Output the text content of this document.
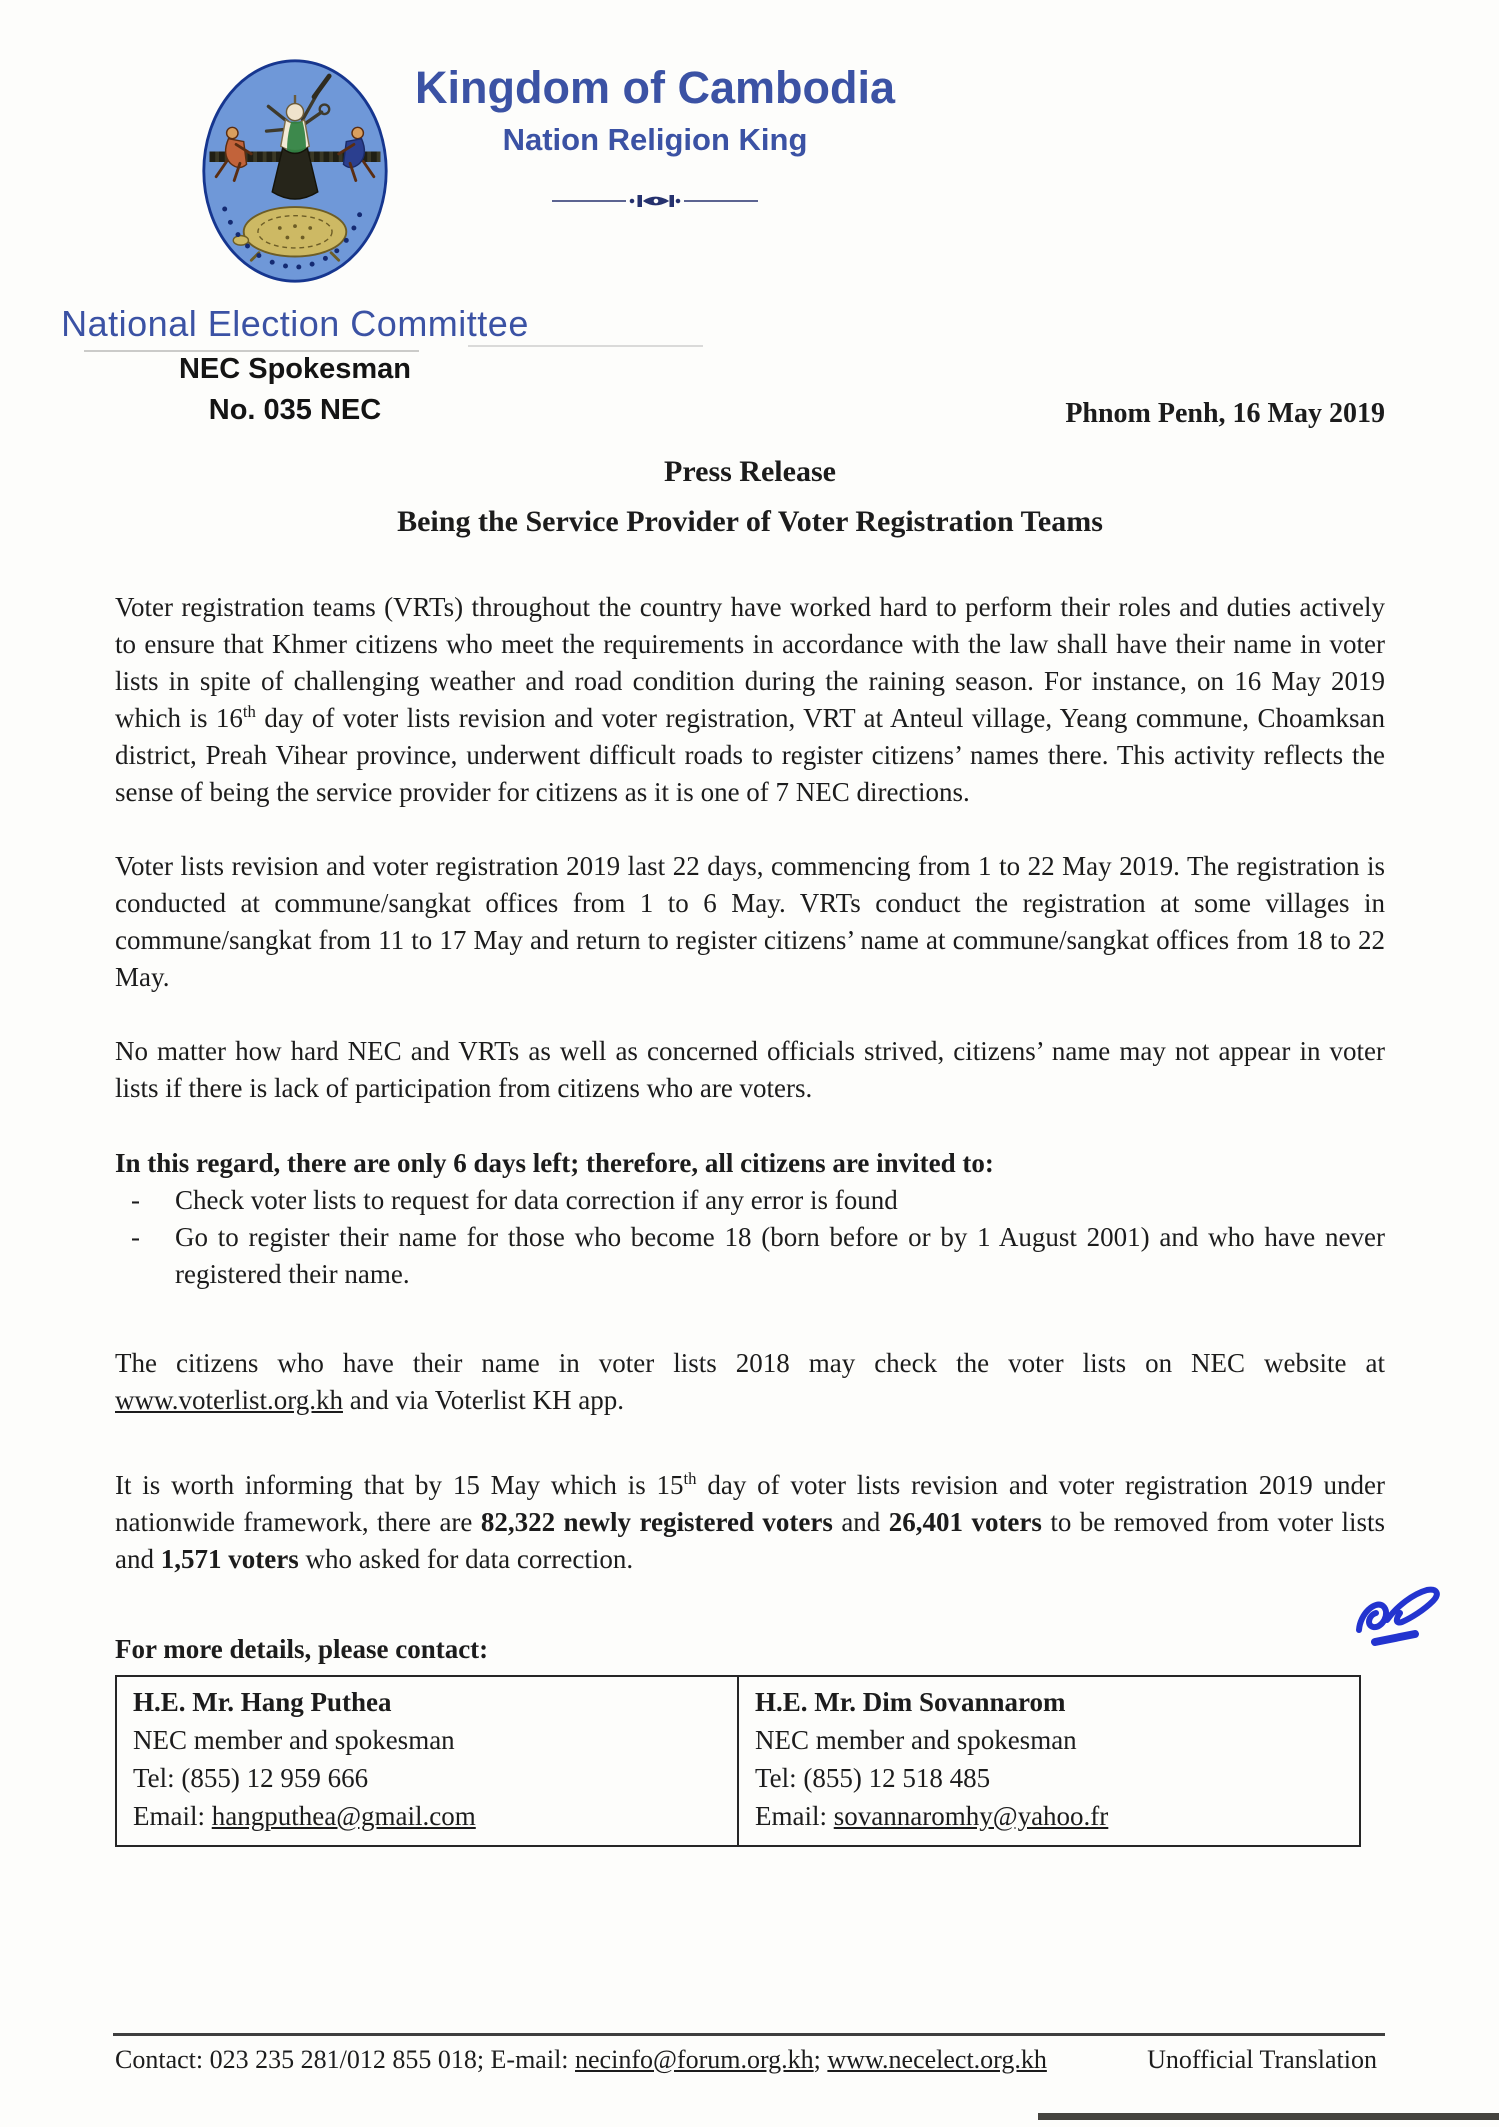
National Election Committee
NEC Spokesman
No. 035 NEC
Kingdom of Cambodia
Nation Religion King
Phnom Penh, 16 May 2019

Press Release

Being the Service Provider of Voter Registration Teams

Voter registration teams (VRTs) throughout the country have worked hard to perform their roles and duties actively to ensure that Khmer citizens who meet the requirements in accordance with the law shall have their name in voter lists in spite of challenging weather and road condition during the raining season. For instance, on 16 May 2019 which is 16th day of voter lists revision and voter registration, VRT at Anteul village, Yeang commune, Choamksan district, Preah Vihear province, underwent difficult roads to register citizens’ names there. This activity reflects the sense of being the service provider for citizens as it is one of 7 NEC directions.

Voter lists revision and voter registration 2019 last 22 days, commencing from 1 to 22 May 2019. The registration is conducted at commune/sangkat offices from 1 to 6 May. VRTs conduct the registration at some villages in commune/sangkat from 11 to 17 May and return to register citizens’ name at commune/sangkat offices from 18 to 22 May.

No matter how hard NEC and VRTs as well as concerned officials strived, citizens’ name may not appear in voter lists if there is lack of participation from citizens who are voters.

In this regard, there are only 6 days left; therefore, all citizens are invited to:
-	Check voter lists to request for data correction if any error is found
-	Go to register their name for those who become 18 (born before or by 1 August 2001) and who have never registered their name.

The citizens who have their name in voter lists 2018 may check the voter lists on NEC website at www.voterlist.org.kh and via Voterlist KH app.

It is worth informing that by 15 May which is 15th day of voter lists revision and voter registration 2019 under nationwide framework, there are 82,322 newly registered voters and 26,401 voters to be removed from voter lists and 1,571 voters who asked for data correction.

For more details, please contact:
H.E. Mr. Hang Puthea
NEC member and spokesman
Tel: (855) 12 959 666
Email: hangputhea@gmail.com

H.E. Mr. Dim Sovannarom
NEC member and spokesman
Tel: (855) 12 518 485
Email: sovannaromhy@yahoo.fr
Contact: 023 235 281/012 855 018; E-mail: necinfo@forum.org.kh; www.necelect.org.kh	Unofficial Translation
